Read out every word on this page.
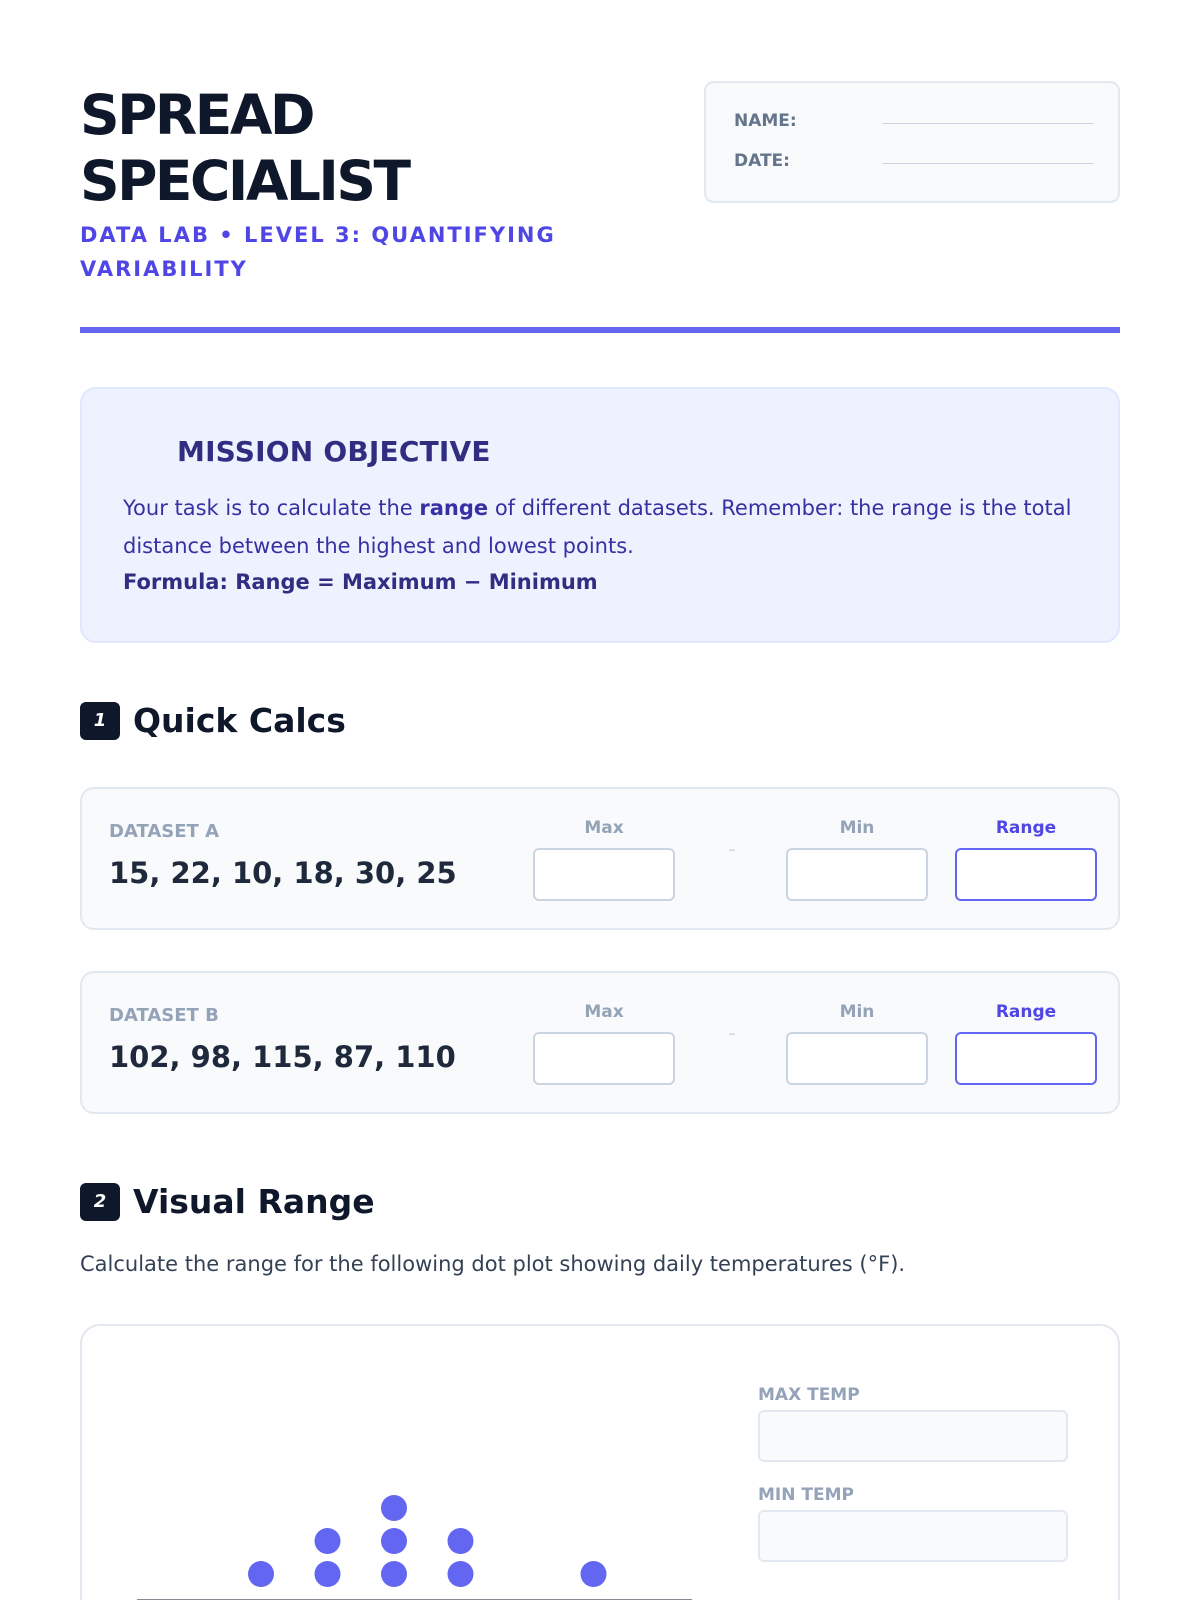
SPREAD
SPECIALIST
DATA LAB • LEVEL 3: QUANTIFYING VARIABILITY
NAME:
DATE:
MISSION OBJECTIVE
Your task is to calculate the range of different datasets. Remember: the range is the total distance between the highest and lowest points.
Formula: Range = Maximum − Minimum
1 Quick Calcs
DATASET A
15, 22, 10, 18, 30, 25
Max
-
Min	Range
DATASET B
102, 98, 115, 87, 110
Max
-
Min	Range
2 Visual Range
Calculate the range for the following dot plot showing daily temperatures (°F).
MAX TEMP
MIN TEMP
